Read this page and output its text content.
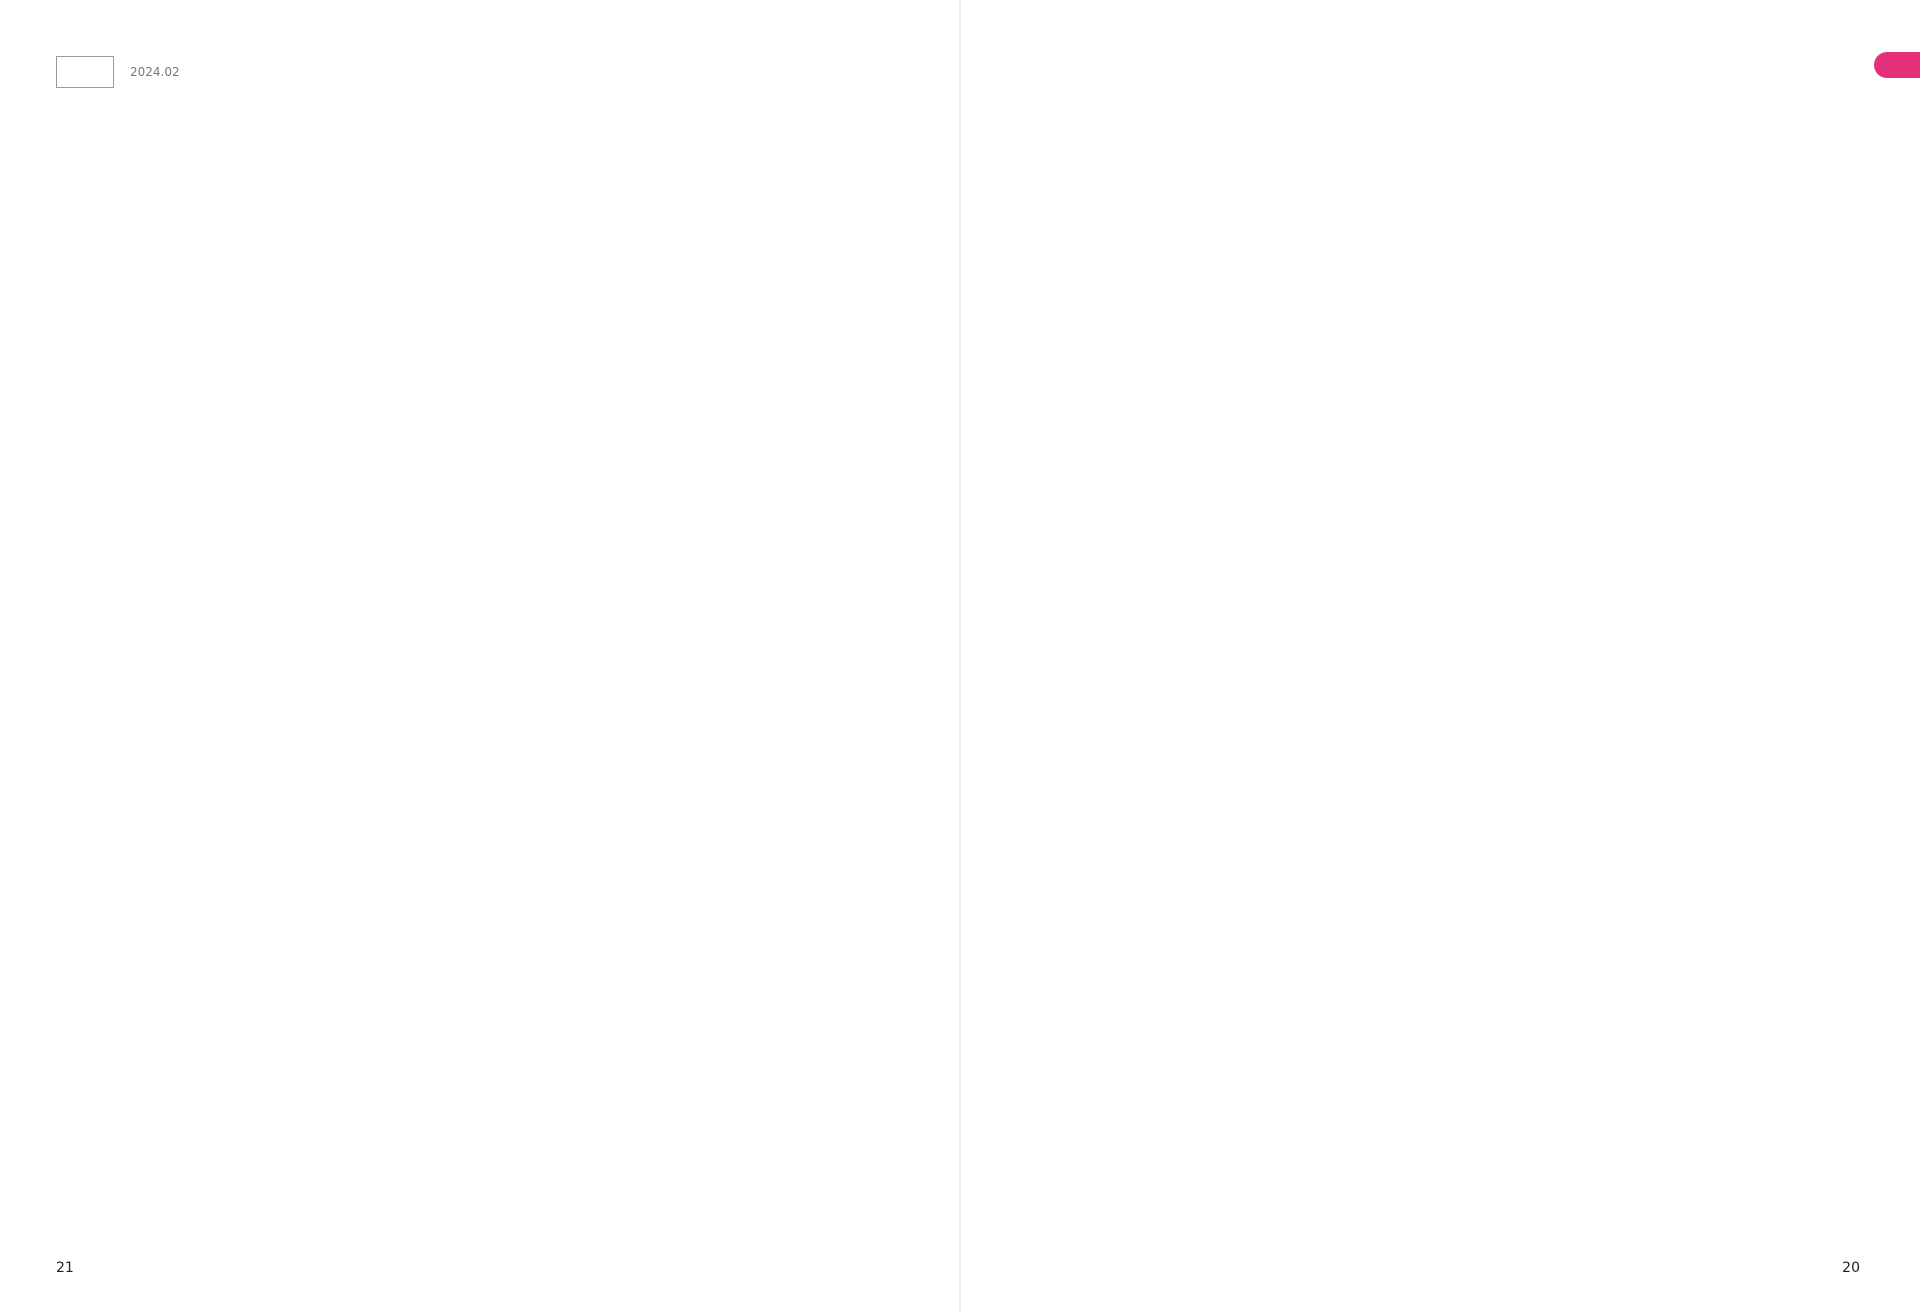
2024.02

21	20
